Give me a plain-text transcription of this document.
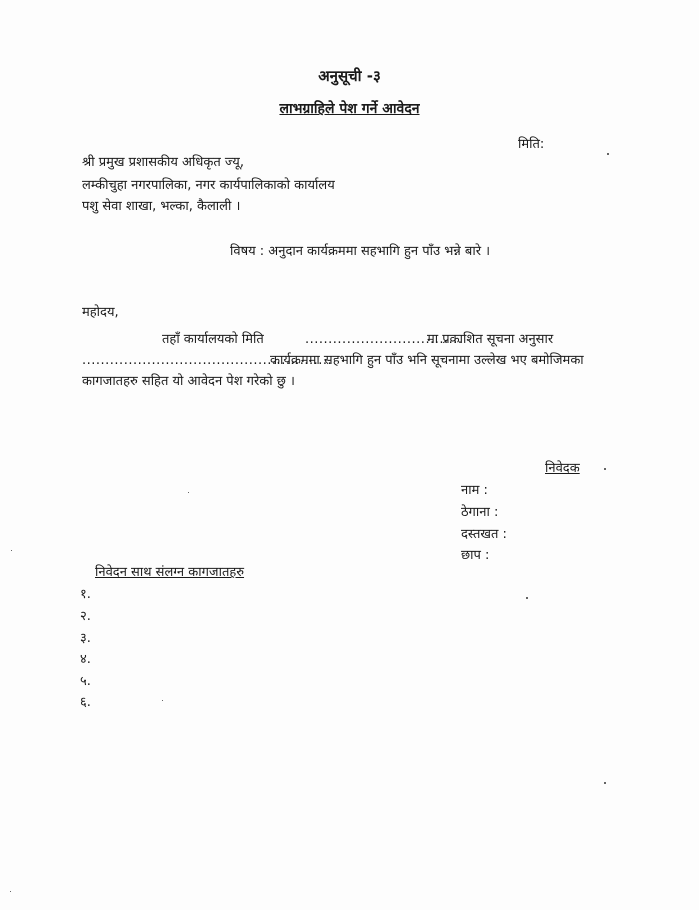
अनुसूची -३
लाभग्राहिले पेश गर्ने आवेदन
मिति:
श्री प्रमुख प्रशासकीय अधिकृत ज्यू,
लम्कीचुहा नगरपालिका, नगर कार्यपालिकाको कार्यालय
पशु सेवा शाखा, भल्का, कैलाली ।
विषय : अनुदान कार्यक्रममा सहभागि हुन पाँउ भन्ने बारे ।
महोदय,
तहाँ कार्यालयको मिति	..................................
मा प्रकाशित सूचना अनुसार
......................................................
कार्यक्रममा सहभागि हुन पाँउ भनि सूचनामा उल्लेख भए बमोजिमका
कागजातहरु सहित यो आवेदन पेश गरेको छु ।
निवेदक
नाम :
ठेगाना :
दस्तखत :
छाप :
निवेदन साथ संलग्न कागजातहरु
१.
२.
३.
४.
५.
६.
